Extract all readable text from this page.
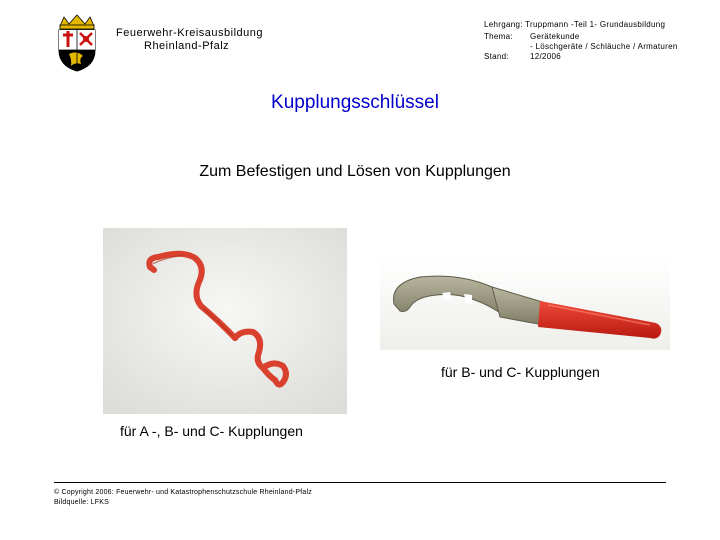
Feuerwehr-Kreisausbildung
Rheinland-Pfalz
Lehrgang: Truppmann -Teil 1- Grundausbildung
Thema: Gerätekunde
- Löschgeräte / Schläuche / Armaturen
Stand:	12/2006
Kupplungsschlüssel
Zum Befestigen und Lösen von Kupplungen
für B- und C- Kupplungen
für A -, B- und C- Kupplungen
© Copyright 2006: Feuerwehr- und Katastrophenschutzschule Rheinland-Pfalz
Bildquelle: LFKS
